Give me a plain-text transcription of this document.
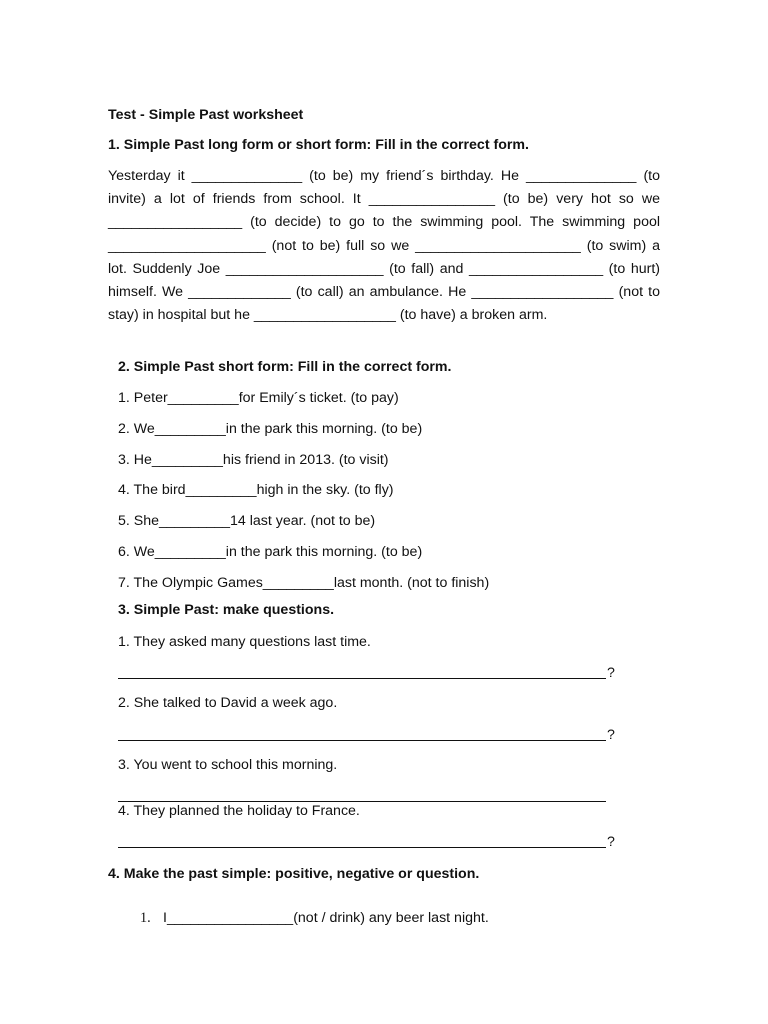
Test - Simple Past worksheet
1. Simple Past long form or short form: Fill in the correct form.

Yesterday it ______________ (to be) my friend´s birthday. He ______________ (to invite) a lot of friends from school. It ________________ (to be) very hot so we _________________ (to decide) to go to the swimming pool. The swimming pool ____________________ (not to be) full so we _____________________ (to swim) a lot. Suddenly Joe ____________________ (to fall) and _________________ (to hurt) himself. We _____________ (to call) an ambulance. He __________________ (not to stay) in hospital but he __________________ (to have) a broken arm.

2. Simple Past short form: Fill in the correct form.
1. Peter_________for Emily´s ticket. (to pay)
2. We_________in the park this morning. (to be)
3. He_________his friend in 2013. (to visit)
4. The bird_________high in the sky. (to fly)
5. She_________14 last year. (not to be)
6. We_________in the park this morning. (to be)
7. The Olympic Games_________last month. (not to finish)
3. Simple Past: make questions.
1. They asked many questions last time.
?
2. She talked to David a week ago.
?
3. You went to school this morning.
4. They planned the holiday to France.
?
4. Make the past simple: positive, negative or question.
1. I________________(not / drink) any beer last night.
